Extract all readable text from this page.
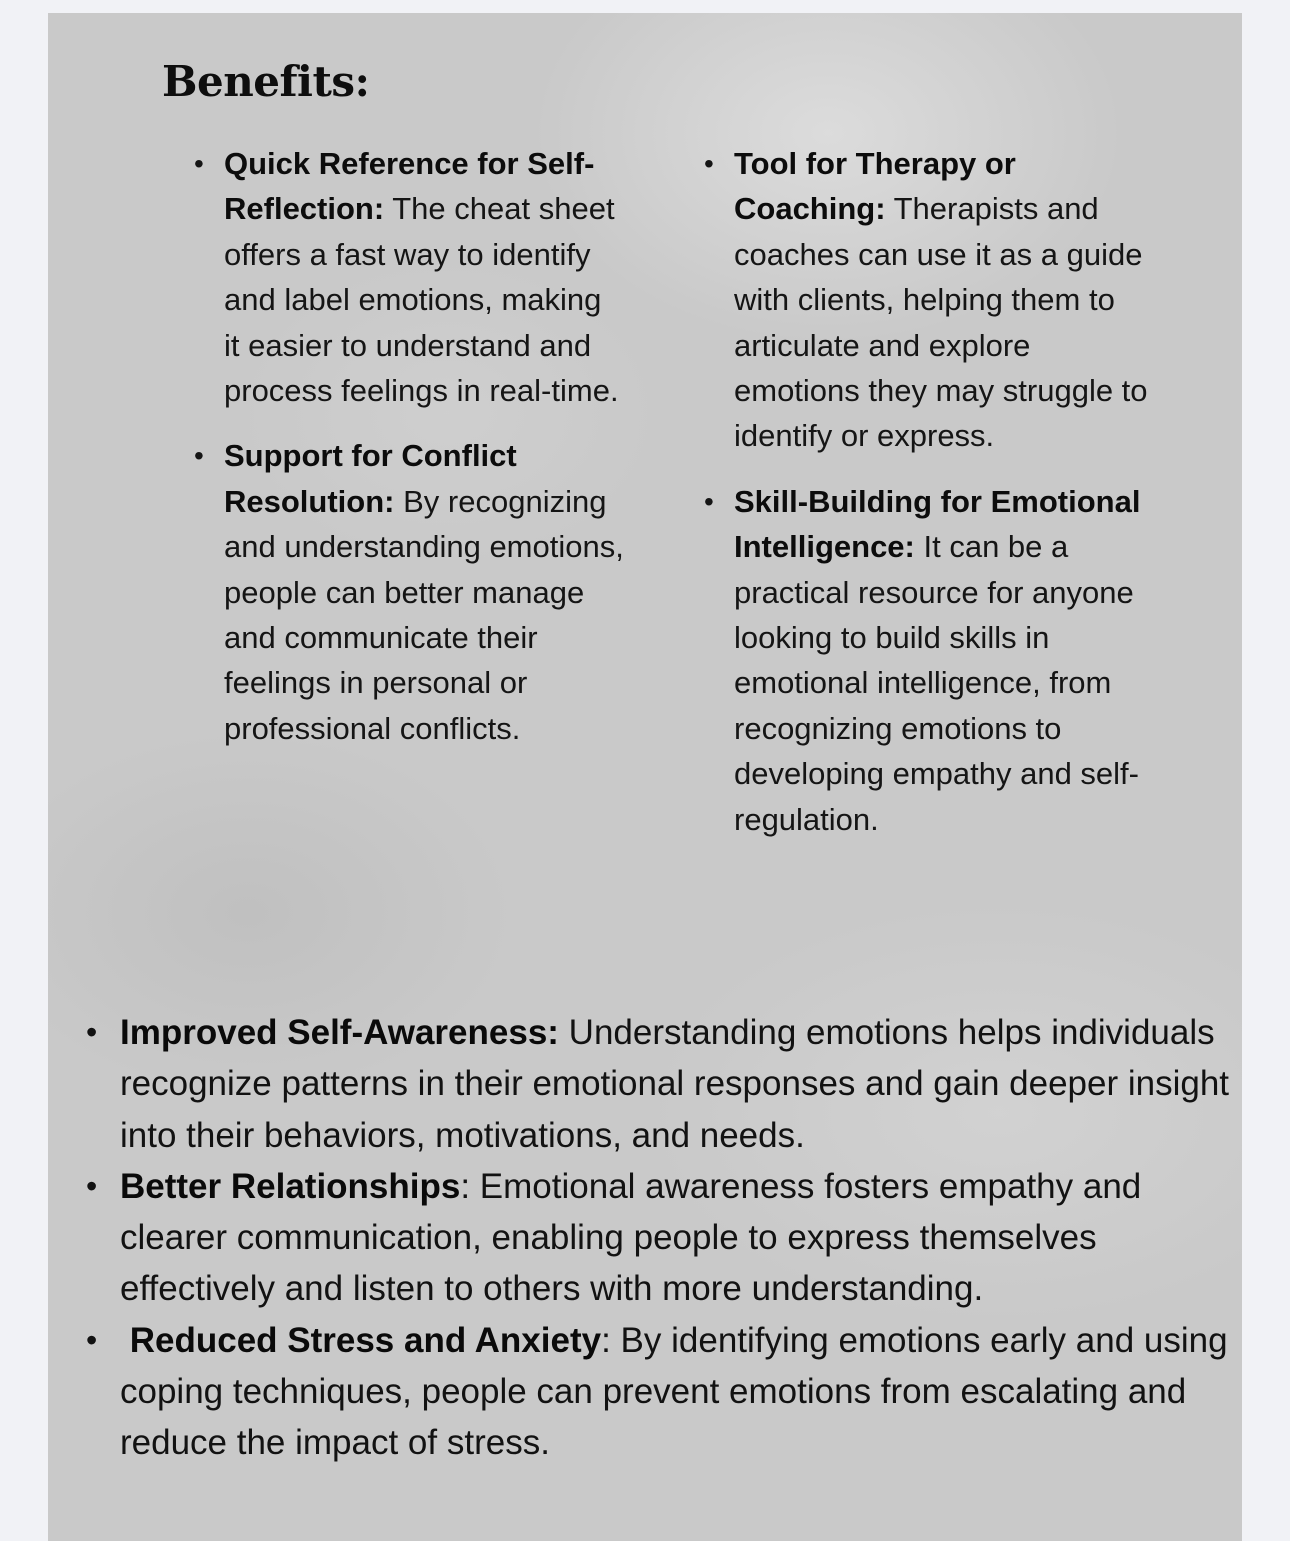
Benefits:
• Quick Reference for Self-Reflection: The cheat sheet offers a fast way to identify and label emotions, making it easier to understand and process feelings in real-time.
• Support for Conflict Resolution: By recognizing and understanding emotions, people can better manage and communicate their feelings in personal or professional conflicts.
• Tool for Therapy or Coaching: Therapists and coaches can use it as a guide with clients, helping them to articulate and explore emotions they may struggle to identify or express.
• Skill-Building for Emotional Intelligence: It can be a practical resource for anyone looking to build skills in emotional intelligence, from recognizing emotions to developing empathy and self-regulation.
• Improved Self-Awareness: Understanding emotions helps individuals recognize patterns in their emotional responses and gain deeper insight into their behaviors, motivations, and needs.
• Better Relationships: Emotional awareness fosters empathy and clearer communication, enabling people to express themselves effectively and listen to others with more understanding.
• Reduced Stress and Anxiety: By identifying emotions early and using coping techniques, people can prevent emotions from escalating and reduce the impact of stress.
